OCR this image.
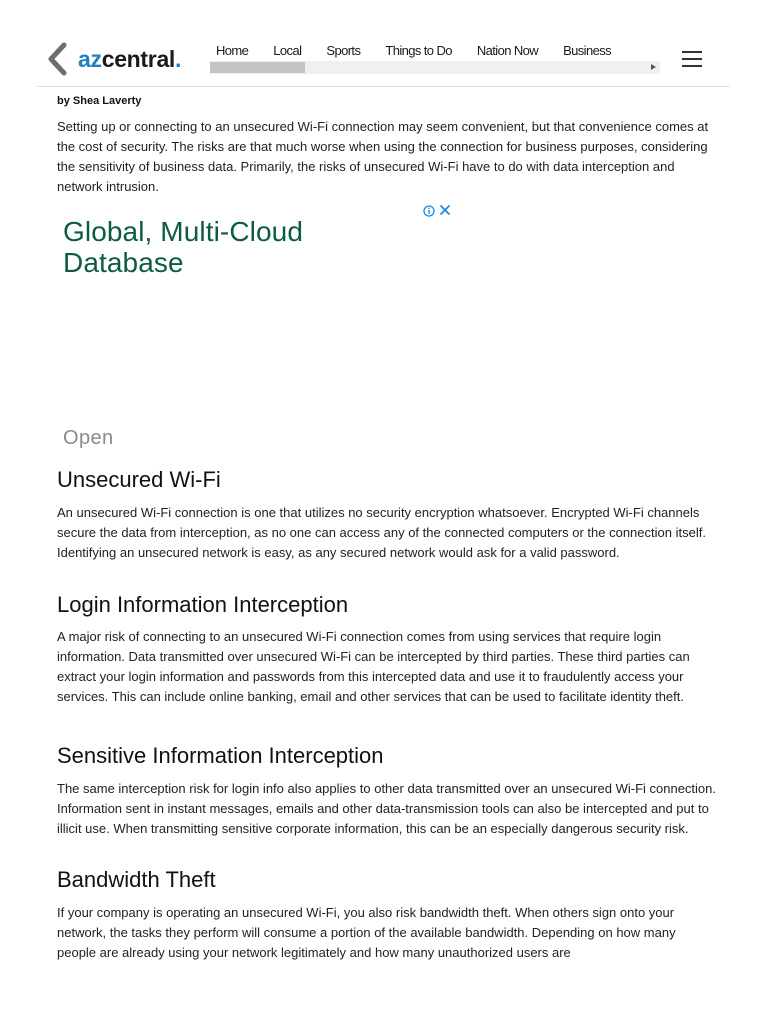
azcentral.	Home Local Sports Things to Do Nation Now Business
by Shea Laverty

Setting up or connecting to an unsecured Wi-Fi connection may seem convenient, but that convenience comes at the cost of security. The risks are that much worse when using the connection for business purposes, considering the sensitivity of business data. Primarily, the risks of unsecured Wi-Fi have to do with data interception and network intrusion.

Global, Multi-Cloud Database
Open
Unsecured Wi-Fi

An unsecured Wi-Fi connection is one that utilizes no security encryption whatsoever. Encrypted Wi-Fi channels secure the data from interception, as no one can access any of the connected computers or the connection itself. Identifying an unsecured network is easy, as any secured network would ask for a valid password.

Login Information Interception

A major risk of connecting to an unsecured Wi-Fi connection comes from using services that require login information. Data transmitted over unsecured Wi-Fi can be intercepted by third parties. These third parties can extract your login information and passwords from this intercepted data and use it to fraudulently access your services. This can include online banking, email and other services that can be used to facilitate identity theft.

Sensitive Information Interception

The same interception risk for login info also applies to other data transmitted over an unsecured Wi-Fi connection. Information sent in instant messages, emails and other data-transmission tools can also be intercepted and put to illicit use. When transmitting sensitive corporate information, this can be an especially dangerous security risk.

Bandwidth Theft

If your company is operating an unsecured Wi-Fi, you also risk bandwidth theft. When others sign onto your network, the tasks they perform will consume a portion of the available bandwidth. Depending on how many people are already using your network legitimately and how many unauthorized users are
